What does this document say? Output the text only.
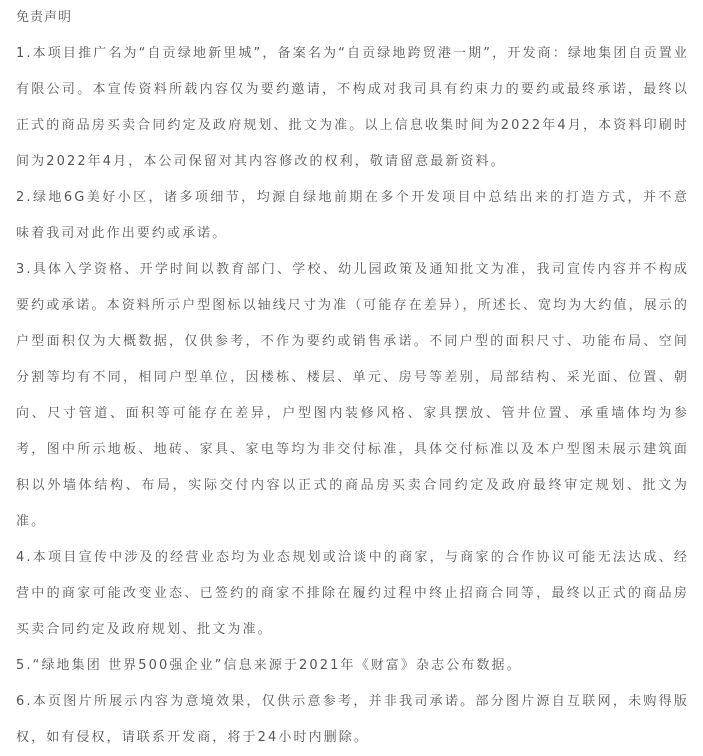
免责声明

1.本项目推广名为“自贡绿地新里城”，备案名为“自贡绿地跨贸港一期”，开发商：绿地集团自贡置业有限公司。本宣传资料所载内容仅为要约邀请，不构成对我司具有约束力的要约或最终承诺，最终以正式的商品房买卖合同约定及政府规划、批文为准。以上信息收集时间为2022年4月，本资料印刷时间为2022年4月，本公司保留对其内容修改的权利，敬请留意最新资料。

2.绿地6G美好小区，诸多项细节，均源自绿地前期在多个开发项目中总结出来的打造方式，并不意味着我司对此作出要约或承诺。

3.具体入学资格、开学时间以教育部门、学校、幼儿园政策及通知批文为准，我司宣传内容并不构成要约或承诺。本资料所示户型图标以轴线尺寸为准（可能存在差异），所述长、宽均为大约值，展示的户型面积仅为大概数据，仅供参考，不作为要约或销售承诺。不同户型的面积尺寸、功能布局、空间分割等均有不同，相同户型单位，因楼栋、楼层、单元、房号等差别，局部结构、采光面、位置、朝向、尺寸管道、面积等可能存在差异，户型图内装修风格、家具摆放、管井位置、承重墙体均为参考，图中所示地板、地砖、家具、家电等均为非交付标准，具体交付标准以及本户型图未展示建筑面积以外墙体结构、布局，实际交付内容以正式的商品房买卖合同约定及政府最终审定规划、批文为准。

4.本项目宣传中涉及的经营业态均为业态规划或洽谈中的商家，与商家的合作协议可能无法达成、经营中的商家可能改变业态、已签约的商家不排除在履约过程中终止招商合同等，最终以正式的商品房买卖合同约定及政府规划、批文为准。

5.“绿地集团 世界500强企业”信息来源于2021年《财富》杂志公布数据。

6.本页图片所展示内容为意境效果，仅供示意参考，并非我司承诺。部分图片源自互联网，未购得版权，如有侵权，请联系开发商，将于24小时内删除。
